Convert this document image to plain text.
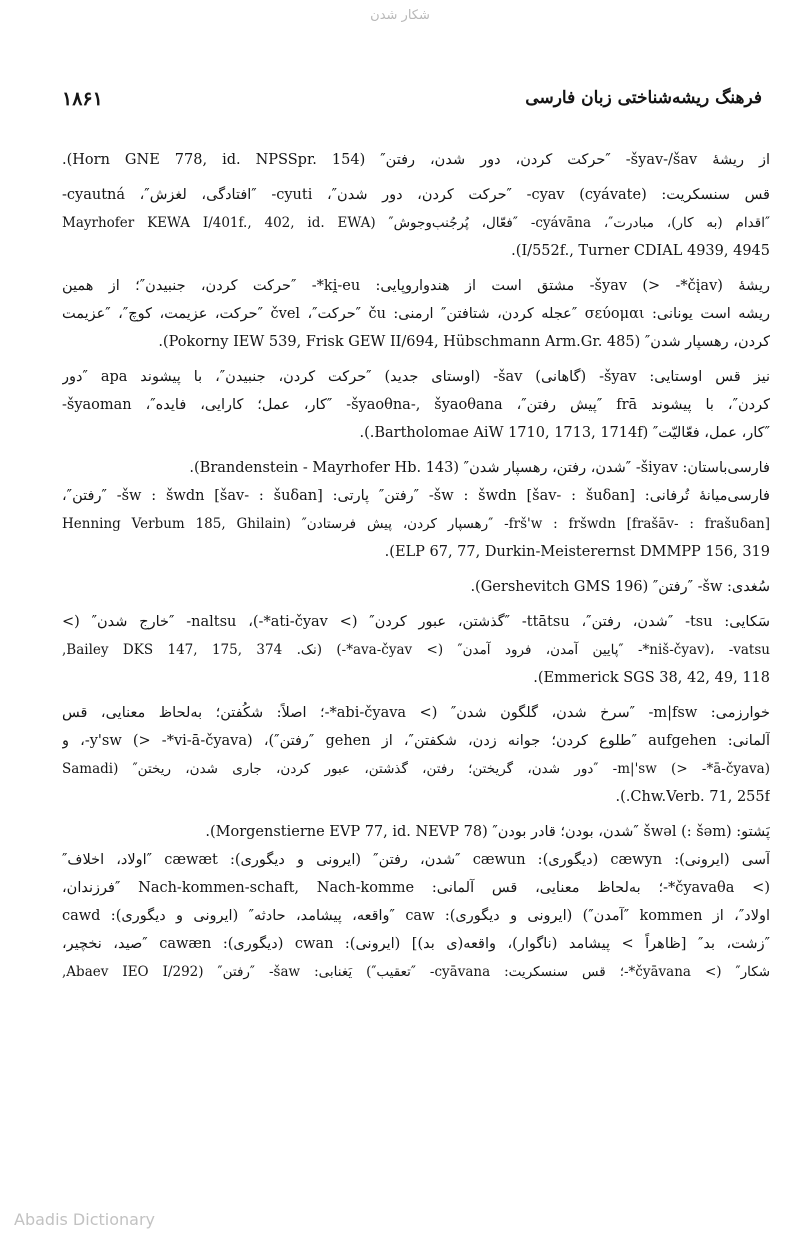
شکار شدن
فرهنگ ریشه‌شناختی زبان فارسی
۱۸۶۱
از ریشهٔ ‎-šyav-/šav‎ ″حرکت کردن، دور شدن، رفتن″ (Horn GNE 778, id. NPSSpr. 154).
قس سنسکریت: ‎-cyav‎ (cyávate) ″حرکت کردن، دور شدن″، ‎-cyuti‎ ″افتادگی، لغزش″، ‎-cyautná‎
″اقدام (به کار)، مبادرت″، ‎-cyávāna‎ ″فعّال، پُرجُنب‌وجوش″ (Mayrhofer KEWA I/401f., 402, id. EWA
I/552f., Turner CDIAL 4939, 4945).
ریشهٔ ‎-šyav‎ (> ‎-*čįav‎) مشتق است از هندواروپایی: ‎-*ki̯-eu‎ ″حرکت کردن، جنبیدن″؛ از همین
ریشه است یونانی: σεύομαι ″عجله کردن، شتافتن″ ارمنی: ču ″حرکت″، čvel ″حرکت، عزیمت، کوچ″، ″عزیمت
کردن، رهسپار شدن″ (Pokorny IEW 539, Frisk GEW II/694, Hübschmann Arm.Gr. 485).
نیز قس اوستایی: ‎-šyav‎ (گاهانی) ‎-šav‎ (اوستای جدید) ″حرکت کردن، جنبیدن″، با پیشوند apa ″دور
کردن″، با پیشوند frā ″پیش رفتن″، ‎-šyaoθna-, šyaoθana‎ ″کار، عمل؛ کارایی، فایده″، ‎-šyaoman‎
″کار، عمل، فعّالیّت″ (Bartholomae AiW 1710, 1713, 1714f.).
فارسی‌باستان: ‎-šiyav‎ ″شدن، رفتن، رهسپار شدن″ (Brandenstein - Mayrhofer Hb. 143).
فارسی‌میانهٔ تُرفانی: ‎-šw : šwdn [šav- : šuδan]‎ ″رفتن″ پارتی: ‎-šw : šwdn [šav- : šuδan]‎ ″رفتن″،
‎-frš'w : fršwdn [frašāv- : frašuδan]‎ ″رهسپار کردن، پیش فرستادن″ (Henning Verbum 185, Ghilain
ELP 67, 77, Durkin-Meisterernst DMMPP 156, 319).
سُغدی: ‎-šw‎ ″رفتن″ (Gershevitch GMS 196).
سَکایی: ‎-tsu‎ ″شدن، رفتن″، ‎-ttātsu‎ ″گذشتن، عبور کردن″ (> ‎-*ati-čyav‎)، ‎-naltsu‎ ″خارج شدن″ (>
‎-*niš-čyav‎)، ‎-vatsu‎ ″پایین آمدن، فرود آمدن″ (> ‎-*ava-čyav‎) (نک. Bailey DKS 147, 175, 374,
Emmerick SGS 38, 42, 49, 118).
خوارزمی: ‎-m|fsw‎ ″سرخ شدن، گلگون شدن″ (> ‎-*abi-čyava‎؛ اصلاً: شکُفتن؛ به‌لحاظ معنایی، قس
آلمانی: aufgehen ″طلوع کردن؛ جوانه زدن، شکفتن″، از gehen ″رفتن″)، ‎-y'sw‎ (> ‎-*vi-ā-čyava‎)، و
‎-m|'sw‎ (> ‎-*ā-čyava‎) ″دور شدن، گریختن؛ رفتن، گذشتن، عبور کردن، جاری شدن، ریختن″ (Samadi
Chw.Verb. 71, 255f.).
پَشتو: šwəl (: šəm) ″شدن، بودن؛ قادر بودن″ (Morgenstierne EVP 77, id. NEVP 78).
آسی (ایرونی): cæwyn (دیگوری): cæwun ″شدن، رفتن″ (ایرونی و دیگوری): cæwæt ″اولاد، اخلاف″
(> ‎-*čyavaθa‎؛ به‌لحاظ معنایی، قس آلمانی: Nach-kommen-schaft, Nach-komme ″فرزندان،
اولاد″، از kommen ″آمدن″) (ایرونی و دیگوری): caw ″واقعه، پیشامد، حادثه″ (ایرونی و دیگوری): cawd
″زشت، بد″ [ظاهراً > پیشامد (ناگوار)، واقعه(ی بد)] (ایرونی): cwan (دیگوری): cawæn ″صید، نخچیر،
شکار″ (> ‎-*čyāvana‎؛ قس سنسکریت: ‎-cyāvana‎ ″تعقیب″) یَغنابی: ‎-šaw‎ ″رفتن″ (Abaev IEO I/292,
Abadis Dictionary
